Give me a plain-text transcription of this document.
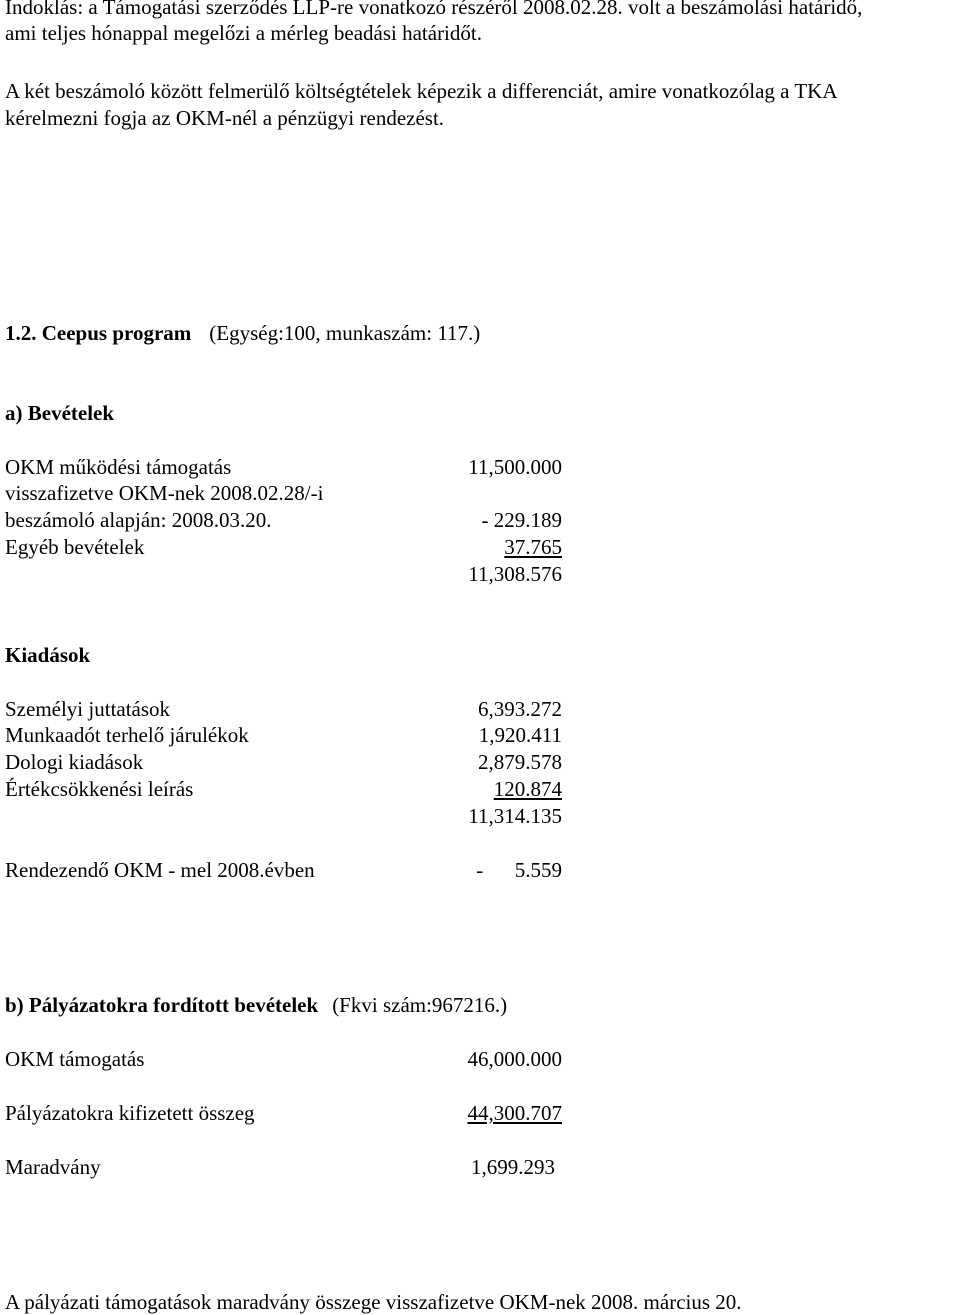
Indoklás: a Támogatási szerződés LLP-re vonatkozó részéről 2008.02.28. volt a beszámolási határidő,

ami teljes hónappal megelőzi a mérleg beadási határidőt.

A két beszámoló között felmerülő költségtételek képezik a differenciát, amire vonatkozólag a TKA

kérelmezni fogja az OKM-nél a pénzügyi rendezést.

1.2. Ceepus program (Egység:100, munkaszám: 117.)

a) Bevételek

OKM működési támogatás	11,500.000

visszafizetve OKM-nek 2008.02.28/-i

beszámoló alapján: 2008.03.20.	- 229.189

Egyéb bevételek	37.765

11,308.576

Kiadások

Személyi juttatások	6,393.272

Munkaadót terhelő járulékok	1,920.411

Dologi kiadások	2,879.578

Értékcsökkenési leírás	120.874

11,314.135

Rendezendő OKM - mel 2008.évben	-      5.559

b) Pályázatokra fordított bevételek (Fkvi szám:967216.)

OKM támogatás	46,000.000

Pályázatokra kifizetett összeg	44,300.707

Maradvány	1,699.293

A pályázati támogatások maradvány összege visszafizetve OKM-nek 2008. március 20.
